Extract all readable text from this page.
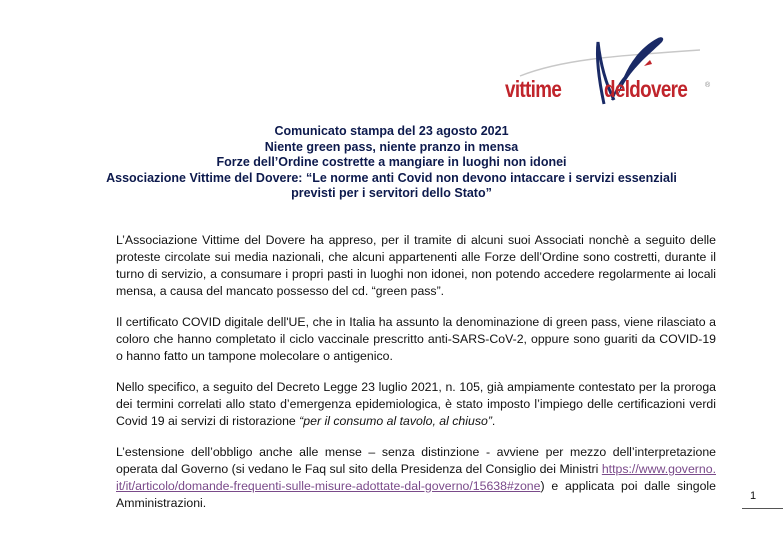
vittime deldovere	®
Comunicato stampa del 23 agosto 2021
Niente green pass, niente pranzo in mensa
Forze dell’Ordine costrette a mangiare in luoghi non idonei
Associazione Vittime del Dovere: “Le norme anti Covid non devono intaccare i servizi essenziali
previsti per i servitori dello Stato”

L’Associazione Vittime del Dovere ha appreso, per il tramite di alcuni suoi Associati nonchè a seguito delle proteste circolate sui media nazionali, che alcuni appartenenti alle Forze dell’Ordine sono costretti, durante il turno di servizio, a consumare i propri pasti in luoghi non idonei, non potendo accedere regolarmente ai locali mensa, a causa del mancato possesso del cd. “green pass”.

Il certificato COVID digitale dell'UE, che in Italia ha assunto la denominazione di green pass, viene rilasciato a coloro che hanno completato il ciclo vaccinale prescritto anti-SARS-CoV-2, oppure sono guariti da COVID-19 o hanno fatto un tampone molecolare o antigenico.

Nello specifico, a seguito del Decreto Legge 23 luglio 2021, n. 105, già ampiamente contestato per la proroga dei termini correlati allo stato d’emergenza epidemiologica, è stato imposto l’impiego delle certificazioni verdi Covid 19 ai servizi di ristorazione “per il consumo al tavolo, al chiuso”.

L’estensione dell’obbligo anche alle mense – senza distinzione - avviene per mezzo dell’interpretazione operata dal Governo (si vedano le Faq sul sito della Presidenza del Consiglio dei Ministri https://www.governo.it/it/articolo/domande-frequenti-sulle-misure-adottate-dal-governo/15638#zone) e applicata poi dalle singole Amministrazioni.	1
